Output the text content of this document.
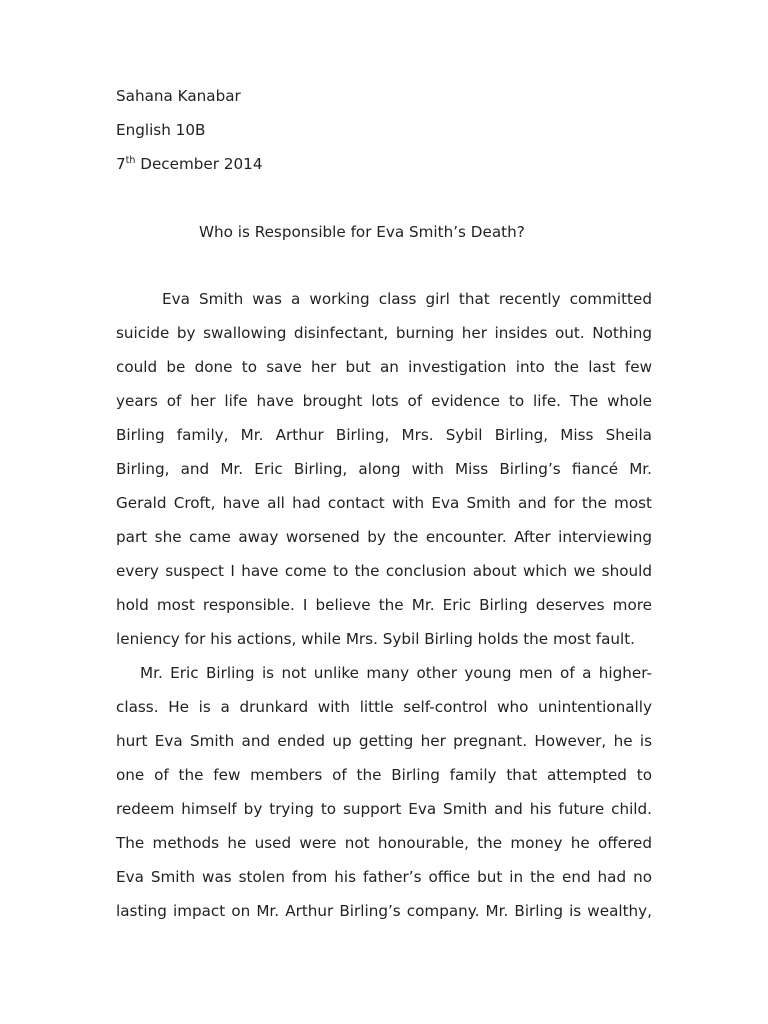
Sahana Kanabar

English 10B

7th December 2014

Who is Responsible for Eva Smith’s Death?

Eva Smith was a working class girl that recently committed
suicide by swallowing disinfectant, burning her insides out. Nothing
could be done to save her but an investigation into the last few
years of her life have brought lots of evidence to life. The whole
Birling family, Mr. Arthur Birling, Mrs. Sybil Birling, Miss Sheila
Birling, and Mr. Eric Birling, along with Miss Birling’s fiancé Mr.
Gerald Croft, have all had contact with Eva Smith and for the most
part she came away worsened by the encounter. After interviewing
every suspect I have come to the conclusion about which we should
hold most responsible. I believe the Mr. Eric Birling deserves more
leniency for his actions, while Mrs. Sybil Birling holds the most fault.
Mr. Eric Birling is not unlike many other young men of a higher-
class. He is a drunkard with little self-control who unintentionally
hurt Eva Smith and ended up getting her pregnant. However, he is
one of the few members of the Birling family that attempted to
redeem himself by trying to support Eva Smith and his future child.
The methods he used were not honourable, the money he offered
Eva Smith was stolen from his father’s office but in the end had no
lasting impact on Mr. Arthur Birling’s company. Mr. Birling is wealthy,
